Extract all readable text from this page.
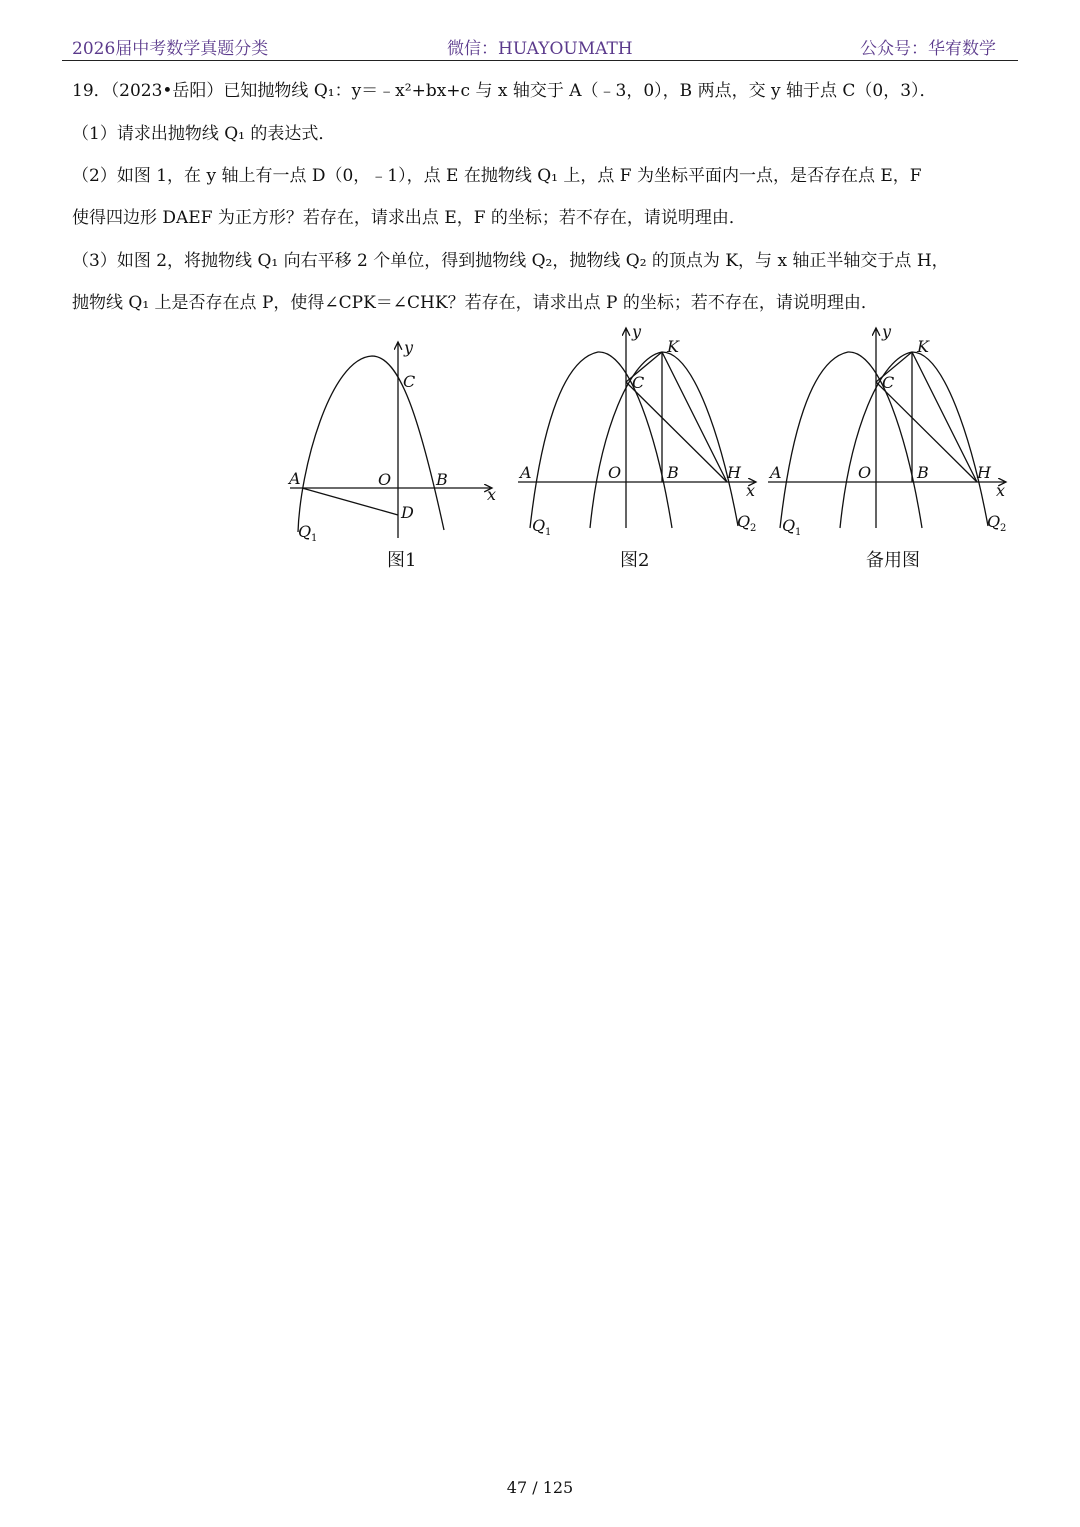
2026届中考数学真题分类	微信：HUAYOUMATH	公众号：华宥数学
19．（2023•岳阳）已知抛物线 Q₁：y＝﹣x²+bx+c 与 x 轴交于 A（﹣3，0），B 两点，交 y 轴于点 C（0，3）．
（1）请求出抛物线 Q₁ 的表达式．
（2）如图 1，在 y 轴上有一点 D（0，﹣1），点 E 在抛物线 Q₁ 上，点 F 为坐标平面内一点，是否存在点 E，F
使得四边形 DAEF 为正方形？若存在，请求出点 E，F 的坐标；若不存在，请说明理由．
（3）如图 2，将抛物线 Q₁ 向右平移 2 个单位，得到抛物线 Q₂，抛物线 Q₂ 的顶点为 K，与 x 轴正半轴交于点 H，
抛物线 Q₁ 上是否存在点 P，使得∠CPK＝∠CHK？若存在，请求出点 P 的坐标；若不存在，请说明理由．
y
x
C
A	O	B
D
Q 1
图1
y
x
K
C
A	O	B	H
Q 1
Q 2
图2
y
x
K
C
A	O	B	H
Q 1
Q 2
备用图
47 / 125
